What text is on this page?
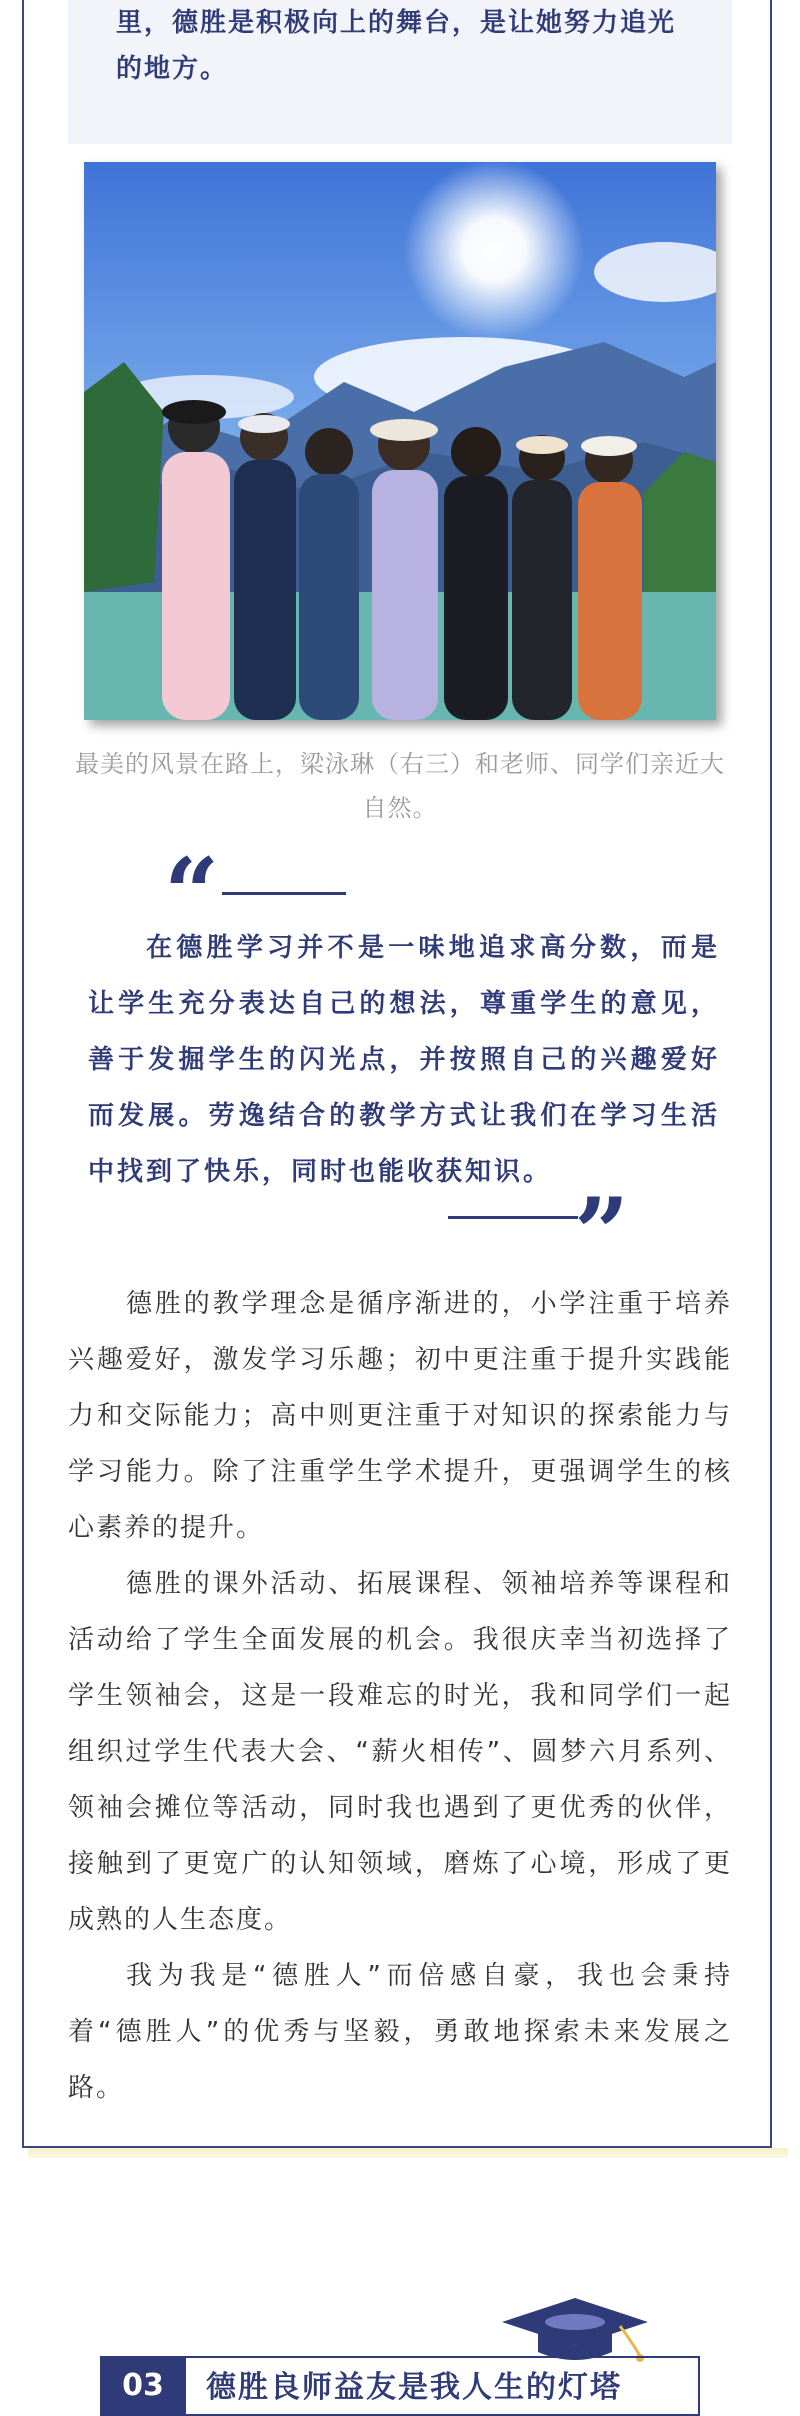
里，德胜是积极向上的舞台，是让她努力追光的地方。

最美的风景在路上，梁泳琳（右三）和老师、同学们亲近大自然。

“

在德胜学习并不是一味地追求高分数，而是让学生充分表达自己的想法，尊重学生的意见，善于发掘学生的闪光点，并按照自己的兴趣爱好而发展。劳逸结合的教学方式让我们在学习生活中找到了快乐，同时也能收获知识。

”

德胜的教学理念是循序渐进的，小学注重于培养兴趣爱好，激发学习乐趣；初中更注重于提升实践能力和交际能力；高中则更注重于对知识的探索能力与学习能力。除了注重学生学术提升，更强调学生的核心素养的提升。

德胜的课外活动、拓展课程、领袖培养等课程和活动给了学生全面发展的机会。我很庆幸当初选择了学生领袖会，这是一段难忘的时光，我和同学们一起组织过学生代表大会、“薪火相传”、圆梦六月系列、领袖会摊位等活动，同时我也遇到了更优秀的伙伴，接触到了更宽广的认知领域，磨炼了心境，形成了更成熟的人生态度。

我为我是“德胜人”而倍感自豪，我也会秉持着“德胜人”的优秀与坚毅，勇敢地探索未来发展之路。

03	德胜良师益友是我人生的灯塔
